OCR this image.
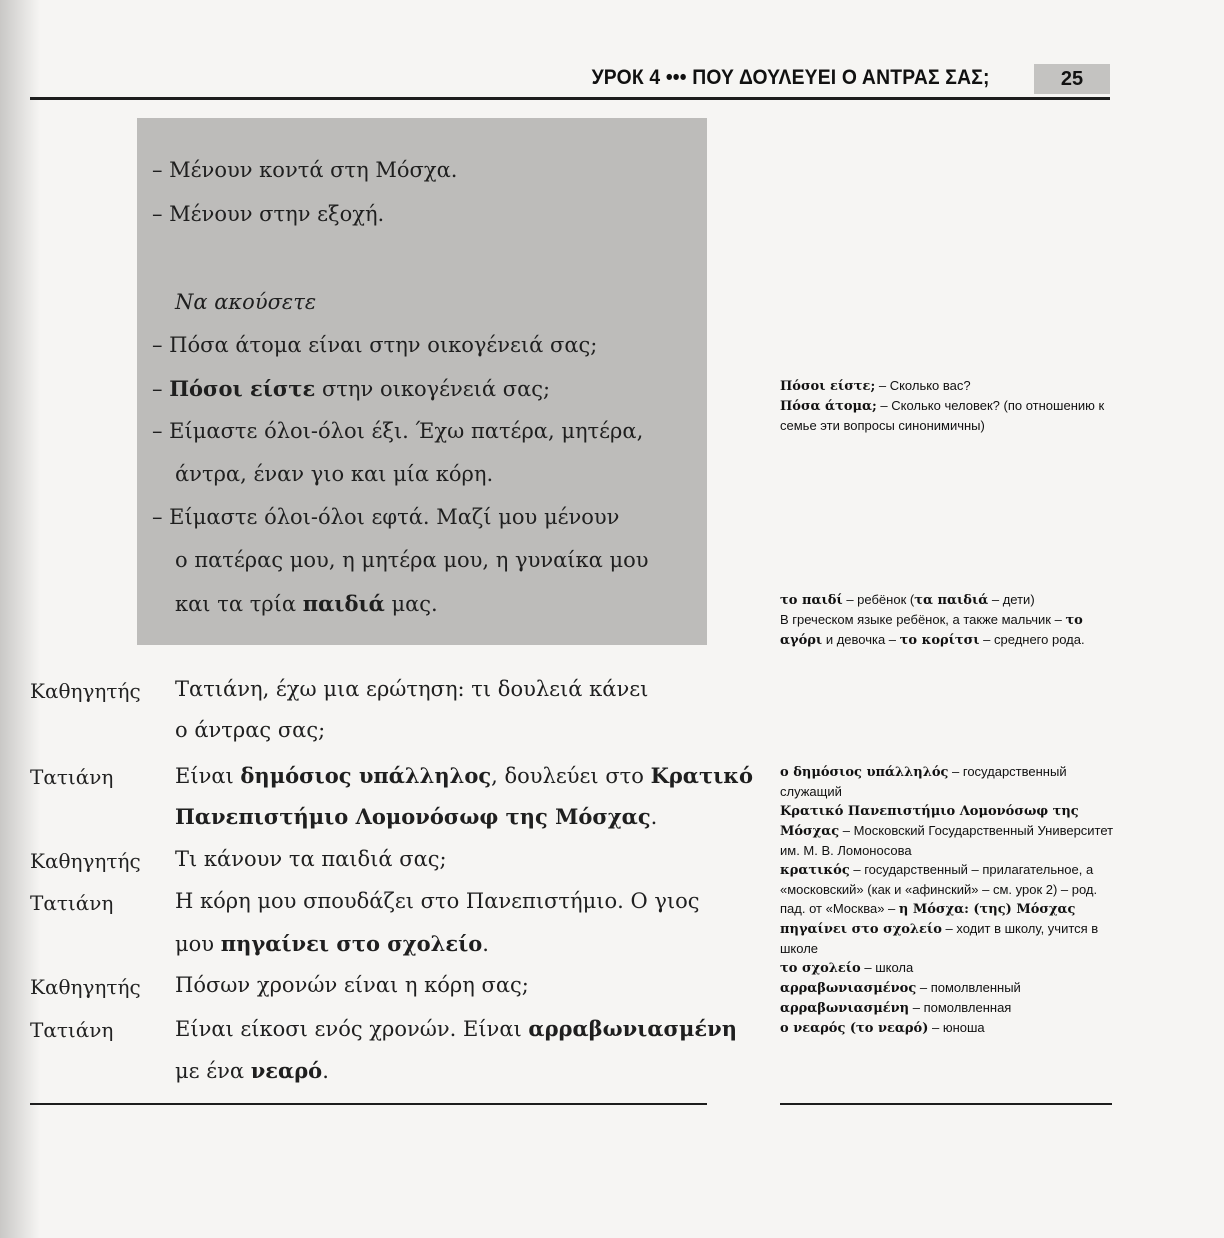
УРОК 4 ••• ΠΟΥ ΔΟΥΛΕΥΕΙ Ο ΑΝΤΡΑΣ ΣΑΣ;	25
– Μένουν κοντά στη Μόσχα.
– Μένουν στην εξοχή.
Να ακούσετε
– Πόσα άτομα είναι στην οικογένειά σας;
– Πόσοι είστε στην οικογένειά σας;
– Είμαστε όλοι-όλοι έξι. Έχω πατέρα, μητέρα,
άντρα, έναν γιο και μία κόρη.
– Είμαστε όλοι-όλοι εφτά. Μαζί μου μένουν
ο πατέρας μου, η μητέρα μου, η γυναίκα μου
και τα τρία παιδιά μας.
Καθηγητής Τατιάνη, έχω μια ερώτηση: τι δουλειά κάνει
ο άντρας σας;
Τατιάνη	Είναι δημόσιος υπάλληλος, δουλεύει στο Κρατικό
Πανεπιστήμιο Λομονόσωφ της Μόσχας.
Καθηγητής Τι κάνουν τα παιδιά σας;
Τατιάνη	Η κόρη μου σπουδάζει στο Πανεπιστήμιο. Ο γιος
μου πηγαίνει στο σχολείο.
Καθηγητής Πόσων χρονών είναι η κόρη σας;
Τατιάνη	Είναι είκοσι ενός χρονών. Είναι αρραβωνιασμένη
με ένα νεαρό.
Πόσοι είστε; – Сколько вас?
Πόσα άτομα; – Сколько человек? (по отношению к семье эти вопросы синонимичны)
το παιδί – ребёнок (τα παιδιά – дети)
В греческом языке ребёнок, а также мальчик – το αγόρι и девочка – το κορίτσι – среднего рода.
ο δημόσιος υπάλληλός – государственный служащий
Κρατικό Πανεπιστήμιο Λομονόσωφ της Μόσχας – Московский Государственный Университет им. М. В. Ломоносова
κρατικός – государственный – прилагательное, а «московский» (как и «афинский» – см. урок 2) – род. пад. от «Москва» – η Μόσχα: (της) Μόσχας
πηγαίνει στο σχολείο – ходит в школу, учится в школе
το σχολείο – школа
αρραβωνιασμένος – помолвленный
αρραβωνιασμένη – помолвленная
ο νεαρός (το νεαρό) – юноша
